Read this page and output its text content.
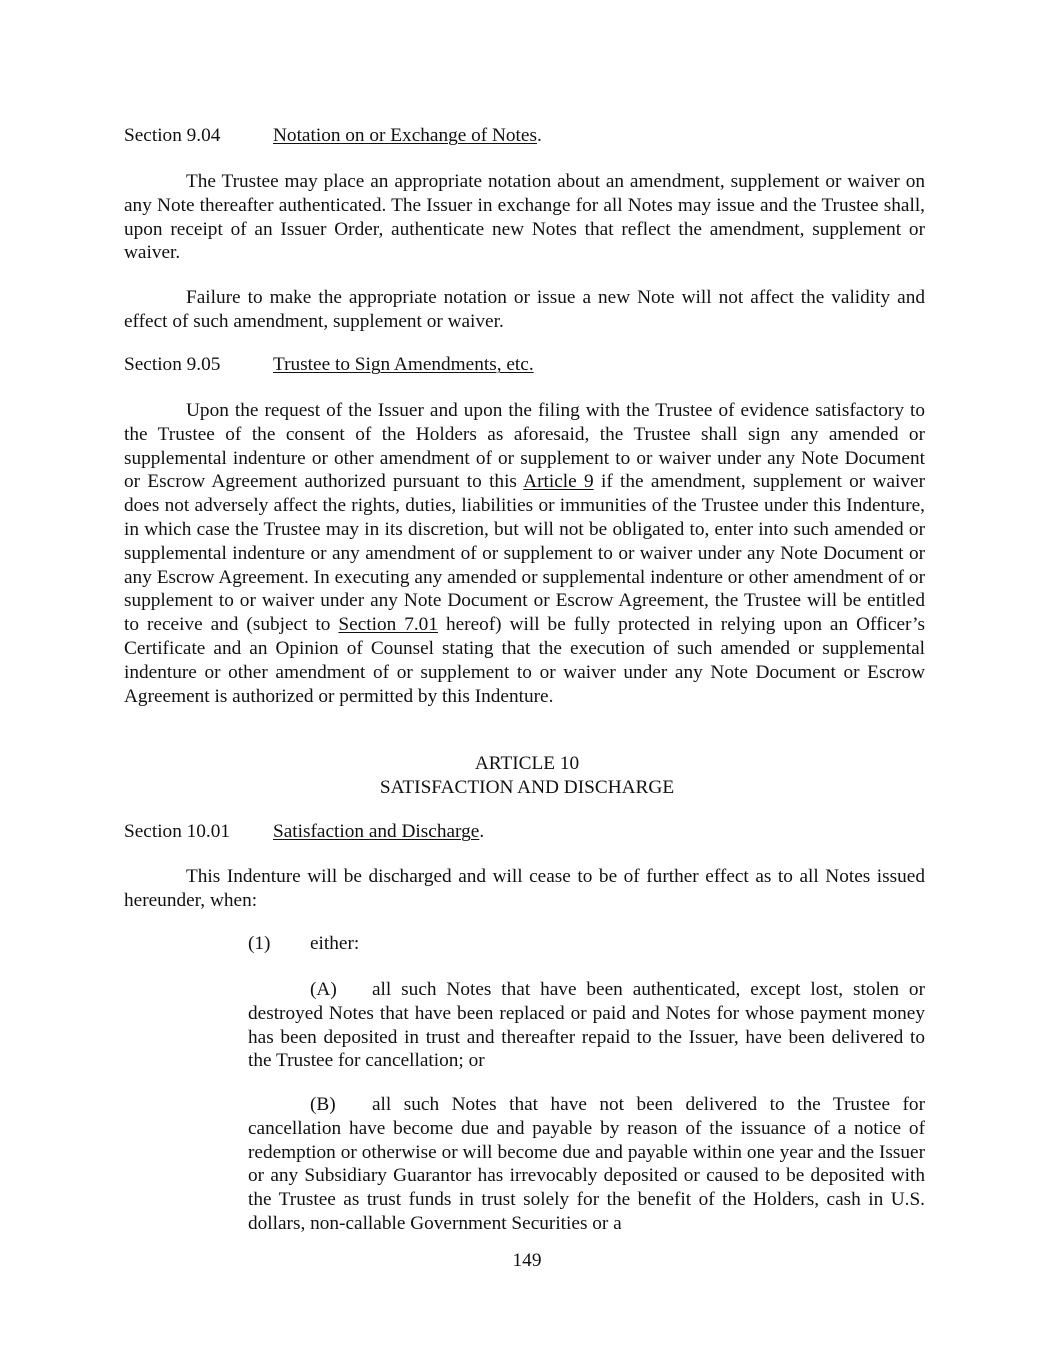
Section 9.04	Notation on or Exchange of Notes.

The Trustee may place an appropriate notation about an amendment, supplement or waiver on any Note thereafter authenticated. The Issuer in exchange for all Notes may issue and the Trustee shall, upon receipt of an Issuer Order, authenticate new Notes that reflect the amendment, supplement or waiver.

Failure to make the appropriate notation or issue a new Note will not affect the validity and effect of such amendment, supplement or waiver.

Section 9.05	Trustee to Sign Amendments, etc.

Upon the request of the Issuer and upon the filing with the Trustee of evidence satisfactory to the Trustee of the consent of the Holders as aforesaid, the Trustee shall sign any amended or supplemental indenture or other amendment of or supplement to or waiver under any Note Document or Escrow Agreement authorized pursuant to this Article 9 if the amendment, supplement or waiver does not adversely affect the rights, duties, liabilities or immunities of the Trustee under this Indenture, in which case the Trustee may in its discretion, but will not be obligated to, enter into such amended or supplemental indenture or any amendment of or supplement to or waiver under any Note Document or any Escrow Agreement. In executing any amended or supplemental indenture or other amendment of or supplement to or waiver under any Note Document or Escrow Agreement, the Trustee will be entitled to receive and (subject to Section 7.01 hereof) will be fully protected in relying upon an Officer’s Certificate and an Opinion of Counsel stating that the execution of such amended or supplemental indenture or other amendment of or supplement to or waiver under any Note Document or Escrow Agreement is authorized or permitted by this Indenture.

ARTICLE 10
SATISFACTION AND DISCHARGE

Section 10.01 Satisfaction and Discharge.

This Indenture will be discharged and will cease to be of further effect as to all Notes issued hereunder, when:

(1) either:

(A) all such Notes that have been authenticated, except lost, stolen or destroyed Notes that have been replaced or paid and Notes for whose payment money has been deposited in trust and thereafter repaid to the Issuer, have been delivered to the Trustee for cancellation; or

(B) all such Notes that have not been delivered to the Trustee for cancellation have become due and payable by reason of the issuance of a notice of redemption or otherwise or will become due and payable within one year and the Issuer or any Subsidiary Guarantor has irrevocably deposited or caused to be deposited with the Trustee as trust funds in trust solely for the benefit of the Holders, cash in U.S. dollars, non-callable Government Securities or a

149
